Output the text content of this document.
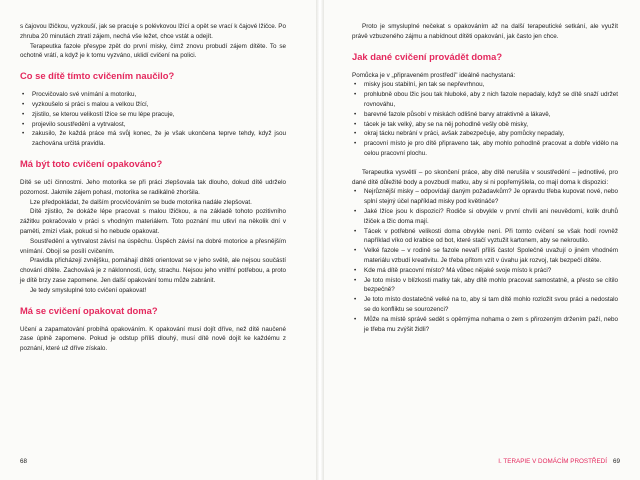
s čajovou lžičkou, vyzkouší, jak se pracuje s polévkovou lžící a opět se vrací k čajové lžičce. Po zhruba 20 minutách ztratí zájem, nechá vše ležet, chce vstát a odejít.

Terapeutka fazole přesype zpět do první misky, čímž znovu probudí zájem dítěte. To se ochotně vrátí, a když je k tomu vyzváno, uklidí cvičení na polici.

Co se dítě tímto cvičením naučilo?
• Procvičovalo své vnímání a motoriku,
• vyzkoušelo si práci s malou a velkou lžící,
• zjistilo, se kterou velikostí lžíce se mu lépe pracuje,
• projevilo soustředění a vytrvalost,
• zakusilo, že každá práce má svůj konec, že je však ukončena teprve tehdy, když jsou zachována určitá pravidla.
Má být toto cvičení opakováno?

Dítě se učí činnostmi. Jeho motorika se při práci zlepšovala tak dlouho, dokud dítě udrželo pozornost. Jakmile zájem pohasl, motorika se radikálně zhoršila.

Lze předpokládat, že dalším procvičováním se bude motorika nadále zlepšovat.

Dítě zjistilo, že dokáže lépe pracovat s malou lžičkou, a na základě tohoto pozitivního zážitku pokračovalo v práci s vhodným materiálem. Toto poznání mu utkví na několik dní v paměti, zmizí však, pokud si ho nebude opakovat.

Soustředění a vytrvalost závisí na úspěchu. Úspěch závisí na dobré motorice a přesnějším vnímání. Obojí se posílí cvičením.

Pravidla přicházejí zvnějšku, pomáhají dítěti orientovat se v jeho světě, ale nejsou součástí chování dítěte. Zachovává je z náklonnosti, úcty, strachu. Nejsou jeho vnitřní potřebou, a proto je dítě brzy zase zapomene. Jen další opakování tomu může zabránit.

Je tedy smysluplné toto cvičení opakovat!

Má se cvičení opakovat doma?

Učení a zapamatování probíhá opakováním. K opakování musí dojít dříve, než dítě naučené zase úplně zapomene. Pokud je odstup příliš dlouhý, musí dítě nově dojít ke každému z poznání, které už dříve získalo.

68

Proto je smysluplné nečekat s opakováním až na další terapeutické setkání, ale využít právě vzbuzeného zájmu a nabídnout dítěti opakování, jak často jen chce.

Jak dané cvičení provádět doma?

Pomůcka je v „připraveném prostředí" ideálně nachystaná:

• misky jsou stabilní, jen tak se nepřevrhnou,
• prohlubně obou lžic jsou tak hluboké, aby z nich fazole nepadaly, když se dítě snaží udržet rovnováhu,
• barevné fazole působí v miskách odlišné barvy atraktivně a lákavě,
• tácek je tak velký, aby se na něj pohodlně vešly obě misky,
• okraj tácku nebrání v práci, avšak zabezpečuje, aby pomůcky nepadaly,
• pracovní místo je pro dítě připraveno tak, aby mohlo pohodlně pracovat a dobře vidělo na celou pracovní plochu.

Terapeutka vysvětlí – po skončení práce, aby dítě nerušila v soustředění – jednotlivé, pro dané dítě důležité body a povzbudí matku, aby si ni popřemýšlela, co mají doma k dispozici:

• Nejrůznější misky – odpovídají daným požadavkům? Je opravdu třeba kupovat nové, nebo splní stejný účel například misky pod květináče?
• Jaké lžíce jsou k dispozici? Rodiče si obvykle v první chvíli ani neuvědomí, kolik druhů lžiček a lžic doma mají.
• Tácek v potřebné velikosti doma obvykle není. Při tomto cvičení se však hodí rovněž například víko od krabice od bot, které stačí vyztužit kartonem, aby se nekroutilo.
• Velké fazole – v rodině se fazole nevaří příliš často! Společně uvažují o jiném vhodném materiálu vzbudí kreativitu. Je třeba přitom vzít v úvahu jak rozvoj, tak bezpečí dítěte.
• Kde má dítě pracovní místo? Má vůbec nějaké svoje místo k práci?
• Je toto místo v blízkosti matky tak, aby dítě mohlo pracovat samostatně, a přesto se cítilo bezpečně?
• Je toto místo dostatečně velké na to, aby si tam dítě mohlo rozložit svou práci a nedostalo se do konfliktu se sourozenci?
• Může na místě správě sedět s opěrnýma nohama o zem s přirozeným držením paží, nebo je třeba mu zvýšit židli?
I. TERAPIE V DOMÁCÍM PROSTŘEDÍ 69
